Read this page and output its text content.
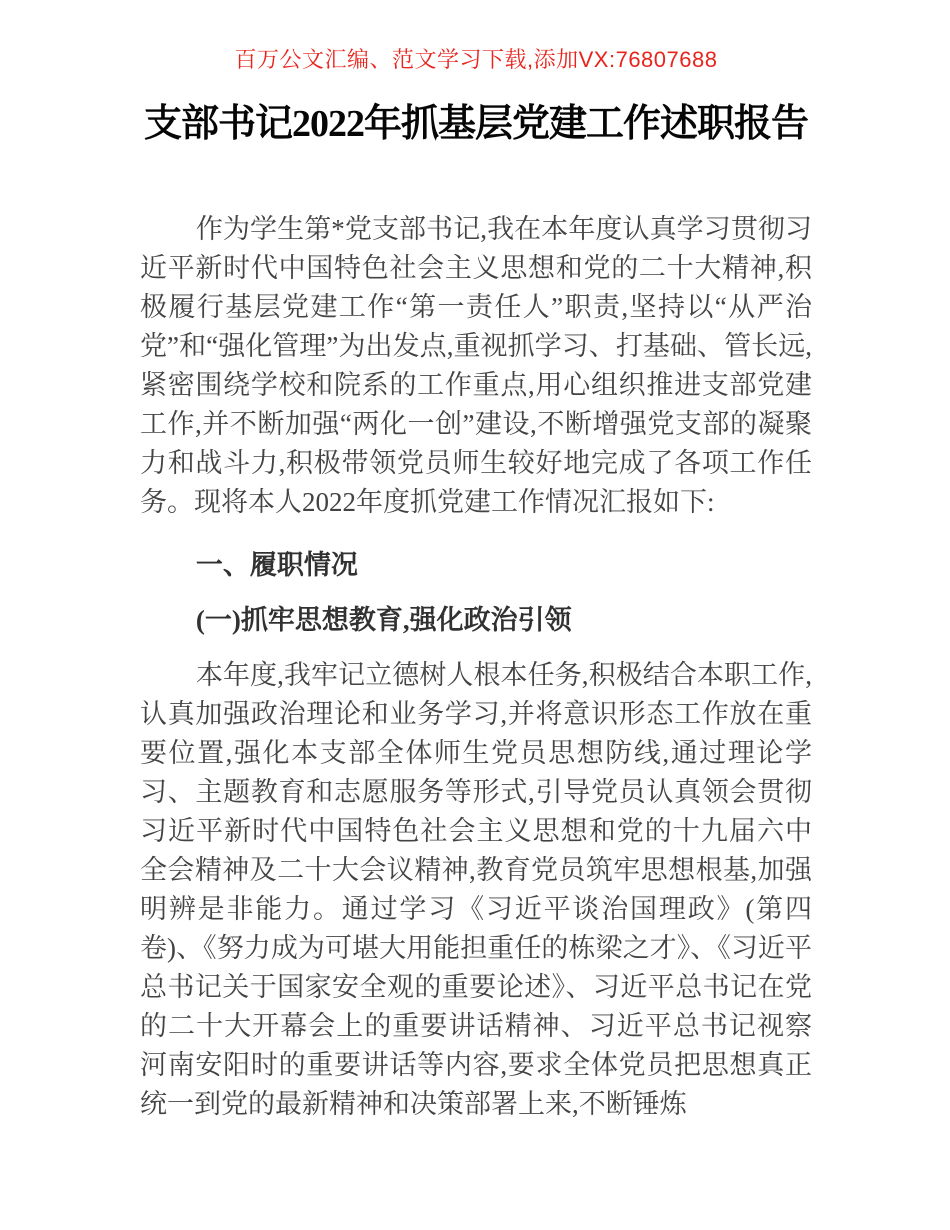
百万公文汇编、范文学习下载,添加VX:76807688
支部书记2022年抓基层党建工作述职报告

作为学生第*党支部书记,我在本年度认真学习贯彻习近平新时代中国特色社会主义思想和党的二十大精神,积极履行基层党建工作“第一责任人”职责,坚持以“从严治党”和“强化管理”为出发点,重视抓学习、打基础、管长远,紧密围绕学校和院系的工作重点,用心组织推进支部党建工作,并不断加强“两化一创”建设,不断增强党支部的凝聚力和战斗力,积极带领党员师生较好地完成了各项工作任务。现将本人2022年度抓党建工作情况汇报如下:

一、履职情况
(一)抓牢思想教育,强化政治引领

本年度,我牢记立德树人根本任务,积极结合本职工作,认真加强政治理论和业务学习,并将意识形态工作放在重要位置,强化本支部全体师生党员思想防线,通过理论学习、主题教育和志愿服务等形式,引导党员认真领会贯彻习近平新时代中国特色社会主义思想和党的十九届六中全会精神及二十大会议精神,教育党员筑牢思想根基,加强明辨是非能力。通过学习《习近平谈治国理政》(第四卷)、《努力成为可堪大用能担重任的栋梁之才》、《习近平总书记关于国家安全观的重要论述》、习近平总书记在党的二十大开幕会上的重要讲话精神、习近平总书记视察河南安阳时的重要讲话等内容,要求全体党员把思想真正统一到党的最新精神和决策部署上来,不断锤炼
